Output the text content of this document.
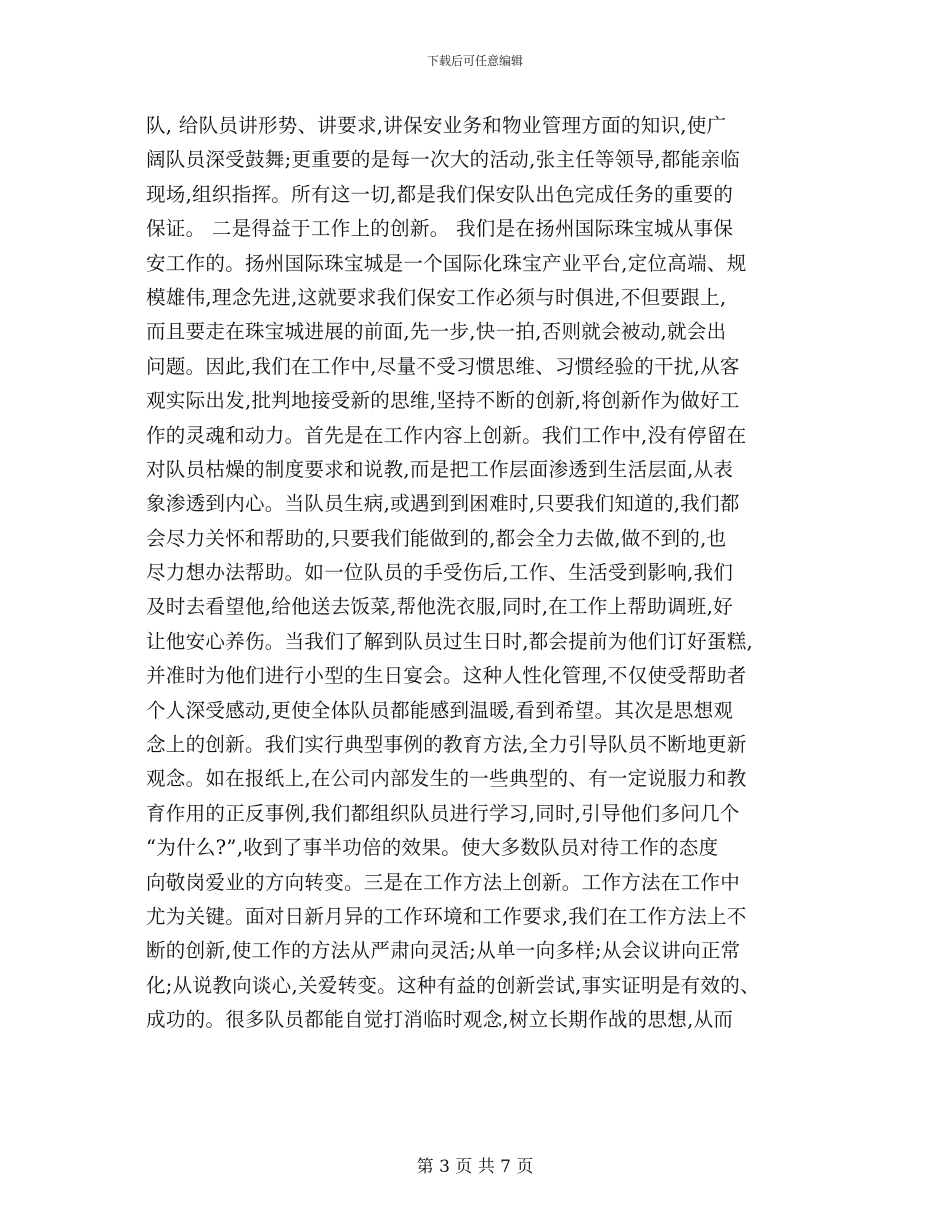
下载后可任意编辑
队, 给队员讲形势、讲要求,讲保安业务和物业管理方面的知识,使广
阔队员深受鼓舞;更重要的是每一次大的活动,张主任等领导,都能亲临
现场,组织指挥。所有这一切,都是我们保安队出色完成任务的重要的
保证。 二是得益于工作上的创新。 我们是在扬州国际珠宝城从事保
安工作的。扬州国际珠宝城是一个国际化珠宝产业平台,定位高端、规
模雄伟,理念先进,这就要求我们保安工作必须与时俱进,不但要跟上,
而且要走在珠宝城进展的前面,先一步,快一拍,否则就会被动,就会出
问题。因此,我们在工作中,尽量不受习惯思维、习惯经验的干扰,从客
观实际出发,批判地接受新的思维,坚持不断的创新,将创新作为做好工
作的灵魂和动力。首先是在工作内容上创新。我们工作中,没有停留在
对队员枯燥的制度要求和说教,而是把工作层面渗透到生活层面,从表
象渗透到内心。当队员生病,或遇到到困难时,只要我们知道的,我们都
会尽力关怀和帮助的,只要我们能做到的,都会全力去做,做不到的,也
尽力想办法帮助。如一位队员的手受伤后,工作、生活受到影响,我们
及时去看望他,给他送去饭菜,帮他洗衣服,同时,在工作上帮助调班,好
让他安心养伤。当我们了解到队员过生日时,都会提前为他们订好蛋糕,
并准时为他们进行小型的生日宴会。这种人性化管理,不仅使受帮助者
个人深受感动,更使全体队员都能感到温暖,看到希望。其次是思想观
念上的创新。我们实行典型事例的教育方法,全力引导队员不断地更新
观念。如在报纸上,在公司内部发生的一些典型的、有一定说服力和教
育作用的正反事例,我们都组织队员进行学习,同时,引导他们多问几个
“为什么?”,收到了事半功倍的效果。使大多数队员对待工作的态度
向敬岗爱业的方向转变。三是在工作方法上创新。工作方法在工作中
尤为关键。面对日新月异的工作环境和工作要求,我们在工作方法上不
断的创新,使工作的方法从严肃向灵活;从单一向多样;从会议讲向正常
化;从说教向谈心,关爱转变。这种有益的创新尝试,事实证明是有效的、
成功的。很多队员都能自觉打消临时观念,树立长期作战的思想,从而
第 3 页 共 7 页
